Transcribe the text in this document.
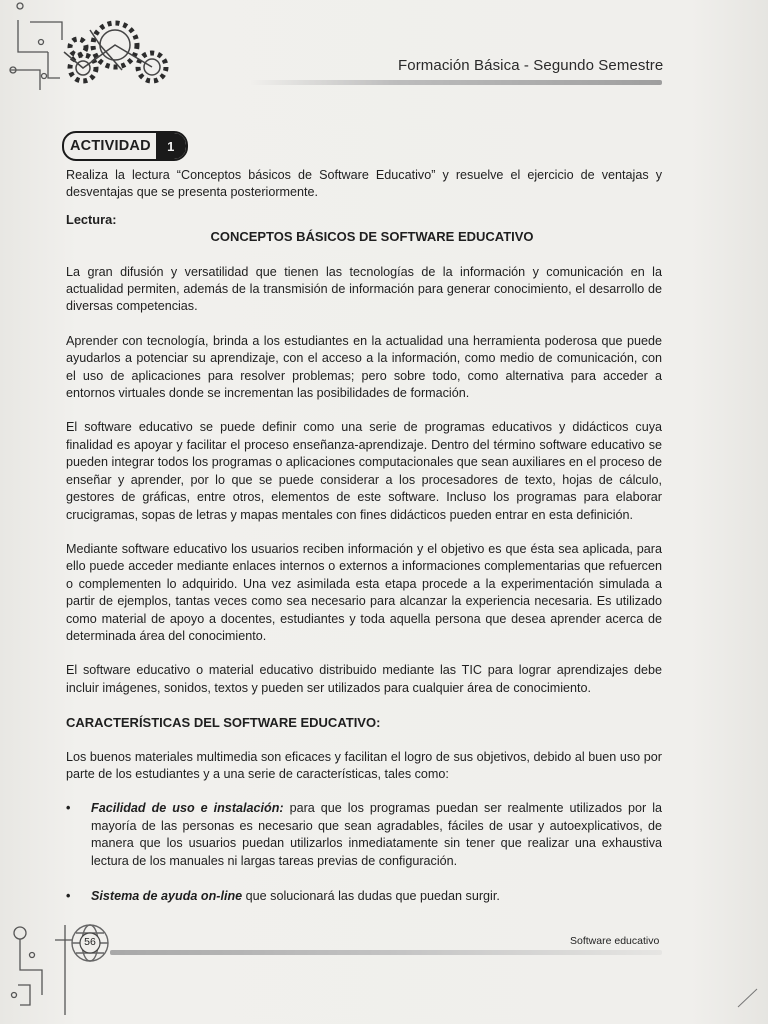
Formación Básica - Segundo Semestre
ACTIVIDAD	1

Realiza la lectura “Conceptos básicos de Software Educativo” y resuelve el ejercicio de ventajas y desventajas que se presenta posteriormente.

Lectura:
CONCEPTOS BÁSICOS DE SOFTWARE EDUCATIVO

La gran difusión y versatilidad que tienen las tecnologías de la información y comunicación en la actualidad permiten, además de la transmisión de información para generar conocimiento, el desarrollo de diversas competencias.

Aprender con tecnología, brinda a los estudiantes en la actualidad una herramienta poderosa que puede ayudarlos a potenciar su aprendizaje, con el acceso a la información, como medio de comunicación, con el uso de aplicaciones para resolver problemas; pero sobre todo, como alternativa para acceder a entornos virtuales donde se incrementan las posibilidades de formación.

El software educativo se puede definir como una serie de programas educativos y didácticos cuya finalidad es apoyar y facilitar el proceso enseñanza-aprendizaje. Dentro del término software educativo se pueden integrar todos los programas o aplicaciones computacionales que sean auxiliares en el proceso de enseñar y aprender, por lo que se puede considerar a los procesadores de texto, hojas de cálculo, gestores de gráficas, entre otros, elementos de este software. Incluso los programas para elaborar crucigramas, sopas de letras y mapas mentales con fines didácticos pueden entrar en esta definición.

Mediante software educativo los usuarios reciben información y el objetivo es que ésta sea aplicada, para ello puede acceder mediante enlaces internos o externos a informaciones complementarias que refuercen o complementen lo adquirido. Una vez asimilada esta etapa procede a la experimentación simulada a partir de ejemplos, tantas veces como sea necesario para alcanzar la experiencia necesaria. Es utilizado como material de apoyo a docentes, estudiantes y toda aquella persona que desea aprender acerca de determinada área del conocimiento.

El software educativo o material educativo distribuido mediante las TIC para lograr aprendizajes debe incluir imágenes, sonidos, textos y pueden ser utilizados para cualquier área de conocimiento.

CARACTERÍSTICAS DEL SOFTWARE EDUCATIVO:

Los buenos materiales multimedia son eficaces y facilitan el logro de sus objetivos, debido al buen uso por parte de los estudiantes y a una serie de características, tales como:

• Facilidad de uso e instalación: para que los programas puedan ser realmente utilizados por la mayoría de las personas es necesario que sean agradables, fáciles de usar y autoexplicativos, de manera que los usuarios puedan utilizarlos inmediatamente sin tener que realizar una exhaustiva lectura de los manuales ni largas tareas previas de configuración.
• Sistema de ayuda on-line que solucionará las dudas que puedan surgir.
56	Software educativo
